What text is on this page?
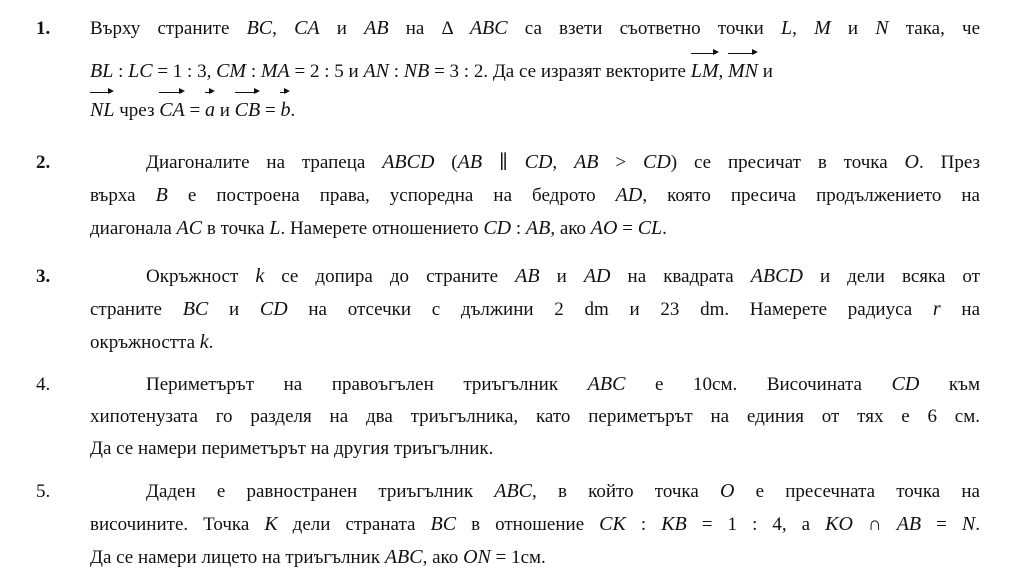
1. Върху страните BC, CA и AB на Δ ABC са взети съответно точки L, M и N така, че
BL : LC = 1 : 3, CM : MA = 2 : 5 и AN : NB = 3 : 2. Да се изразят векторите LM, MN и
NL чрез CA = a и CB = b.
2.	Диагоналите на трапеца ABCD (AB ∥ CD, AB > CD) се пресичат в точка O. През
върха B е построена права, успоредна на бедрото AD, която пресича продължението на
диагонала AC в точка L. Намерете отношението CD : AB, ако AO = CL.
3.	Окръжност k се допира до страните AB и AD на квадрата ABCD и дели всяка от
страните BC и CD на отсечки с дължини 2 dm и 23 dm. Намерете радиуса r на
окръжността k.
4.	Периметърът на правоъгълен триъгълник ABC е 10см. Височината CD към
хипотенузата го разделя на два триъгълника, като периметърът на единия от тях е 6 см.
Да се намери периметърът на другия триъгълник.
5.	Даден е равностранен триъгълник ABC, в който точка O е пресечната точка на
височините. Точка K дели страната BC в отношение CK : KB = 1 : 4, а KO ∩ AB = N.
Да се намери лицето на триъгълник ABC, ако ON = 1см.
